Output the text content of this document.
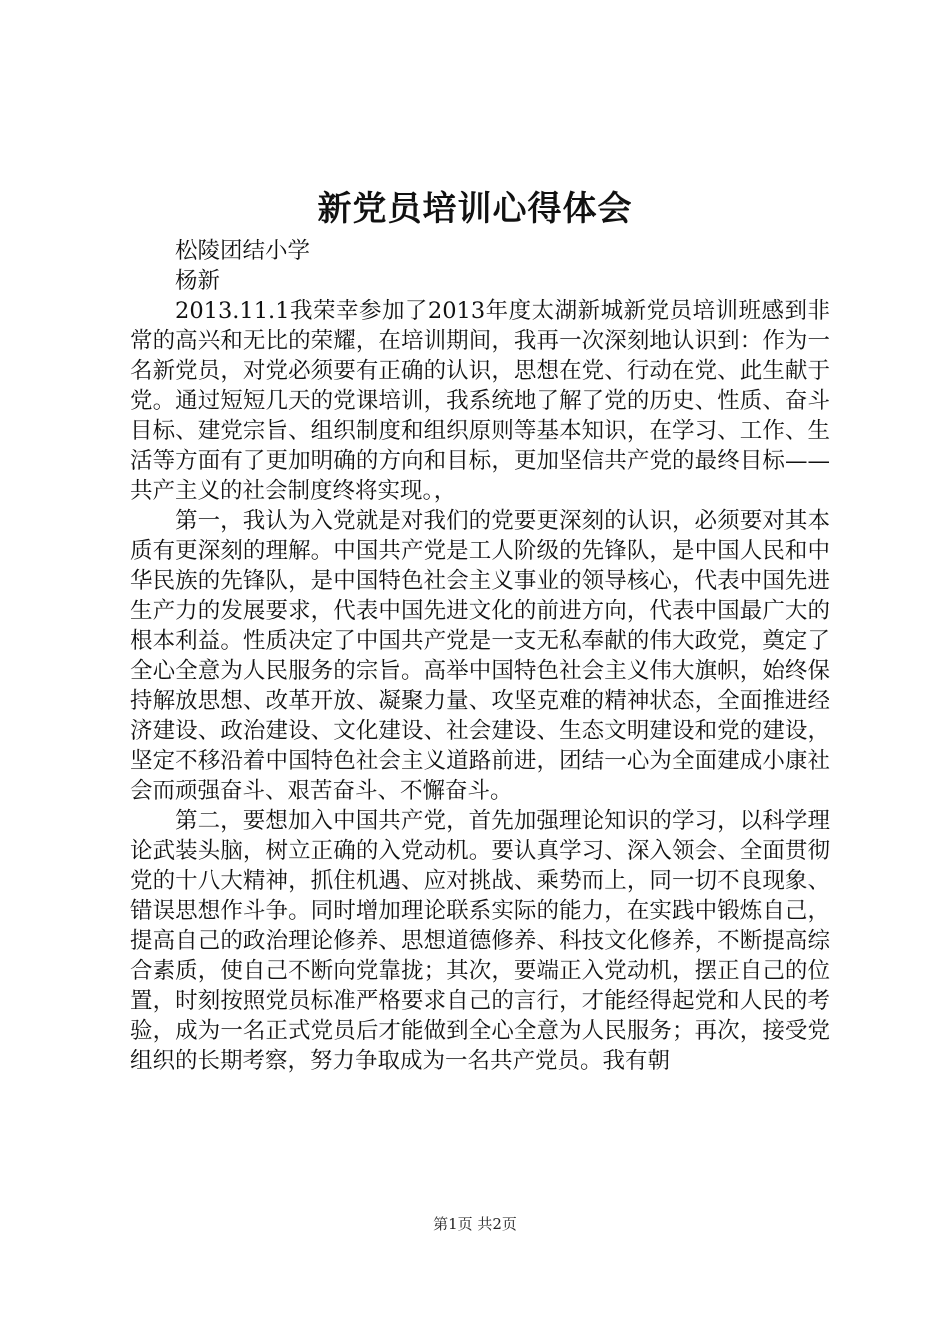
新党员培训心得体会

松陵团结小学

杨新

2013.11.1我荣幸参加了2013年度太湖新城新党员培训班感到非常的高兴和无比的荣耀，在培训期间，我再一次深刻地认识到：作为一名新党员，对党必须要有正确的认识，思想在党、行动在党、此生献于党。通过短短几天的党课培训，我系统地了解了党的历史、性质、奋斗目标、建党宗旨、组织制度和组织原则等基本知识，在学习、工作、生活等方面有了更加明确的方向和目标，更加坚信共产党的最终目标——共产主义的社会制度终将实现。，

第一，我认为入党就是对我们的党要更深刻的认识，必须要对其本质有更深刻的理解。中国共产党是工人阶级的先锋队，是中国人民和中华民族的先锋队，是中国特色社会主义事业的领导核心，代表中国先进生产力的发展要求，代表中国先进文化的前进方向，代表中国最广大的根本利益。性质决定了中国共产党是一支无私奉献的伟大政党，奠定了全心全意为人民服务的宗旨。高举中国特色社会主义伟大旗帜，始终保持解放思想、改革开放、凝聚力量、攻坚克难的精神状态，全面推进经济建设、政治建设、文化建设、社会建设、生态文明建设和党的建设，坚定不移沿着中国特色社会主义道路前进，团结一心为全面建成小康社会而顽强奋斗、艰苦奋斗、不懈奋斗。

第二，要想加入中国共产党，首先加强理论知识的学习，以科学理论武装头脑，树立正确的入党动机。要认真学习、深入领会、全面贯彻党的十八大精神，抓住机遇、应对挑战、乘势而上，同一切不良现象、错误思想作斗争。同时增加理论联系实际的能力，在实践中锻炼自己，提高自己的政治理论修养、思想道德修养、科技文化修养，不断提高综合素质，使自己不断向党靠拢；其次，要端正入党动机，摆正自己的位置，时刻按照党员标准严格要求自己的言行，才能经得起党和人民的考验，成为一名正式党员后才能做到全心全意为人民服务；再次，接受党组织的长期考察，努力争取成为一名共产党员。我有朝

第1页 共2页
